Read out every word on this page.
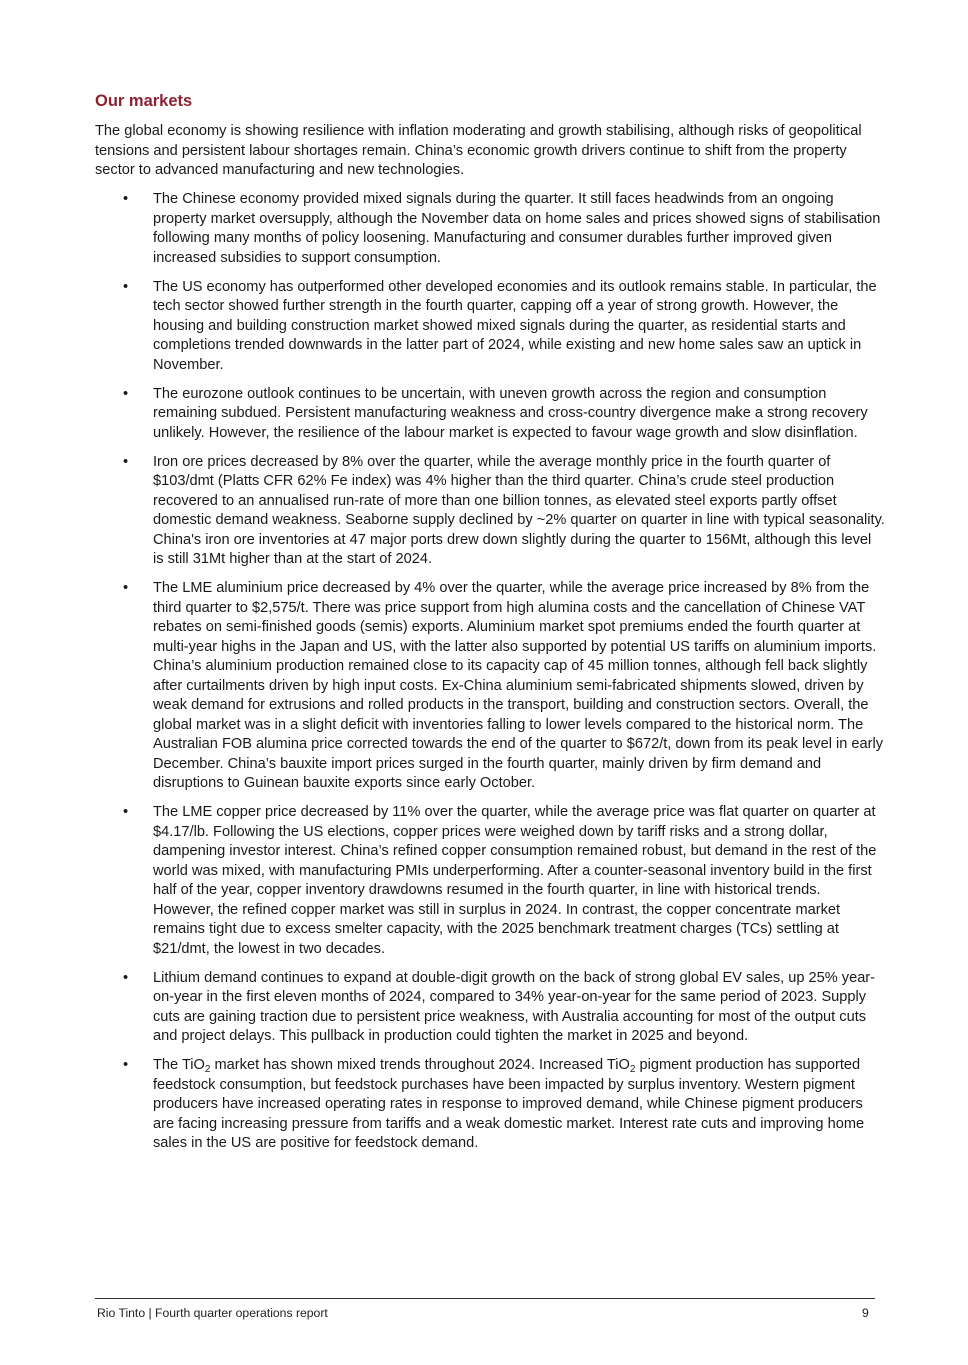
Our markets

The global economy is showing resilience with inflation moderating and growth stabilising, although risks of geopolitical tensions and persistent labour shortages remain. China’s economic growth drivers continue to shift from the property sector to advanced manufacturing and new technologies.

•	The Chinese economy provided mixed signals during the quarter. It still faces headwinds from an ongoing property market oversupply, although the November data on home sales and prices showed signs of stabilisation following many months of policy loosening. Manufacturing and consumer durables further improved given increased subsidies to support consumption.
•	The US economy has outperformed other developed economies and its outlook remains stable. In particular, the tech sector showed further strength in the fourth quarter, capping off a year of strong growth. However, the housing and building construction market showed mixed signals during the quarter, as residential starts and completions trended downwards in the latter part of 2024, while existing and new home sales saw an uptick in November.
•	The eurozone outlook continues to be uncertain, with uneven growth across the region and consumption remaining subdued. Persistent manufacturing weakness and cross-country divergence make a strong recovery unlikely. However, the resilience of the labour market is expected to favour wage growth and slow disinflation.
•	Iron ore prices decreased by 8% over the quarter, while the average monthly price in the fourth quarter of $103/dmt (Platts CFR 62% Fe index) was 4% higher than the third quarter. China’s crude steel production recovered to an annualised run-rate of more than one billion tonnes, as elevated steel exports partly offset domestic demand weakness. Seaborne supply declined by ~2% quarter on quarter in line with typical seasonality. China's iron ore inventories at 47 major ports drew down slightly during the quarter to 156Mt, although this level is still 31Mt higher than at the start of 2024.
•	The LME aluminium price decreased by 4% over the quarter, while the average price increased by 8% from the third quarter to $2,575/t. There was price support from high alumina costs and the cancellation of Chinese VAT rebates on semi-finished goods (semis) exports. Aluminium market spot premiums ended the fourth quarter at multi-year highs in the Japan and US, with the latter also supported by potential US tariffs on aluminium imports. China’s aluminium production remained close to its capacity cap of 45 million tonnes, although fell back slightly after curtailments driven by high input costs. Ex-China aluminium semi-fabricated shipments slowed, driven by weak demand for extrusions and rolled products in the transport, building and construction sectors. Overall, the global market was in a slight deficit with inventories falling to lower levels compared to the historical norm. The Australian FOB alumina price corrected towards the end of the quarter to $672/t, down from its peak level in early December. China’s bauxite import prices surged in the fourth quarter, mainly driven by firm demand and disruptions to Guinean bauxite exports since early October.
•	The LME copper price decreased by 11% over the quarter, while the average price was flat quarter on quarter at $4.17/lb. Following the US elections, copper prices were weighed down by tariff risks and a strong dollar, dampening investor interest. China’s refined copper consumption remained robust, but demand in the rest of the world was mixed, with manufacturing PMIs underperforming. After a counter-seasonal inventory build in the first half of the year, copper inventory drawdowns resumed in the fourth quarter, in line with historical trends. However, the refined copper market was still in surplus in 2024. In contrast, the copper concentrate market remains tight due to excess smelter capacity, with the 2025 benchmark treatment charges (TCs) settling at $21/dmt, the lowest in two decades.
•	Lithium demand continues to expand at double-digit growth on the back of strong global EV sales, up 25% year-on-year in the first eleven months of 2024, compared to 34% year-on-year for the same period of 2023. Supply cuts are gaining traction due to persistent price weakness, with Australia accounting for most of the output cuts and project delays. This pullback in production could tighten the market in 2025 and beyond.
•	The TiO$_2$ market has shown mixed trends throughout 2024. Increased TiO$_2$ pigment production has supported feedstock consumption, but feedstock purchases have been impacted by surplus inventory. Western pigment producers have increased operating rates in response to improved demand, while Chinese pigment producers are facing increasing pressure from tariffs and a weak domestic market. Interest rate cuts and improving home sales in the US are positive for feedstock demand.
Rio Tinto | Fourth quarter operations report	9
